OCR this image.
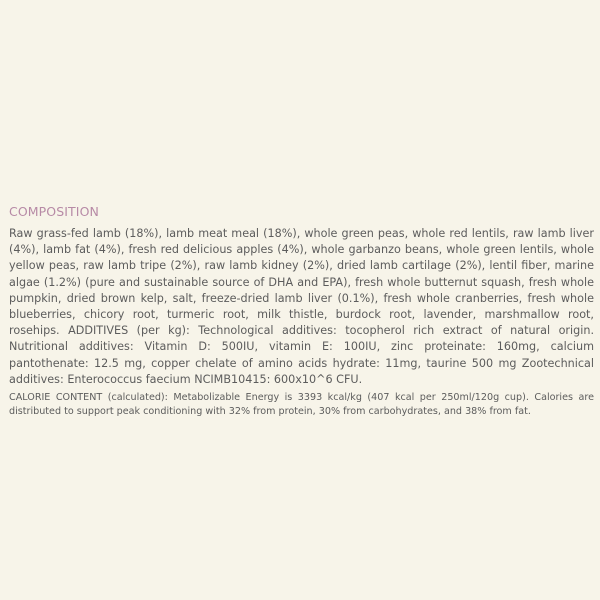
COMPOSITION

Raw grass-fed lamb (18%), lamb meat meal (18%), whole green peas, whole red lentils, raw lamb liver (4%), lamb fat (4%), fresh red delicious apples (4%), whole garbanzo beans, whole green lentils, whole yellow peas, raw lamb tripe (2%), raw lamb kidney (2%), dried lamb cartilage (2%), lentil fiber, marine algae (1.2%) (pure and sustainable source of DHA and EPA), fresh whole butternut squash, fresh whole pumpkin, dried brown kelp, salt, freeze-dried lamb liver (0.1%), fresh whole cranberries, fresh whole blueberries, chicory root, turmeric root, milk thistle, burdock root, lavender, marshmallow root, rosehips. ADDITIVES (per kg): Technological additives: tocopherol rich extract of natural origin. Nutritional additives: Vitamin D: 500IU, vitamin E: 100IU, zinc proteinate: 160mg, calcium pantothenate: 12.5 mg, copper chelate of amino acids hydrate: 11mg, taurine 500 mg Zootechnical additives: Enterococcus faecium NCIMB10415: 600x10^6 CFU.

CALORIE CONTENT (calculated): Metabolizable Energy is 3393 kcal/kg (407 kcal per 250ml/120g cup). Calories are distributed to support peak conditioning with 32% from protein, 30% from carbohydrates, and 38% from fat.
